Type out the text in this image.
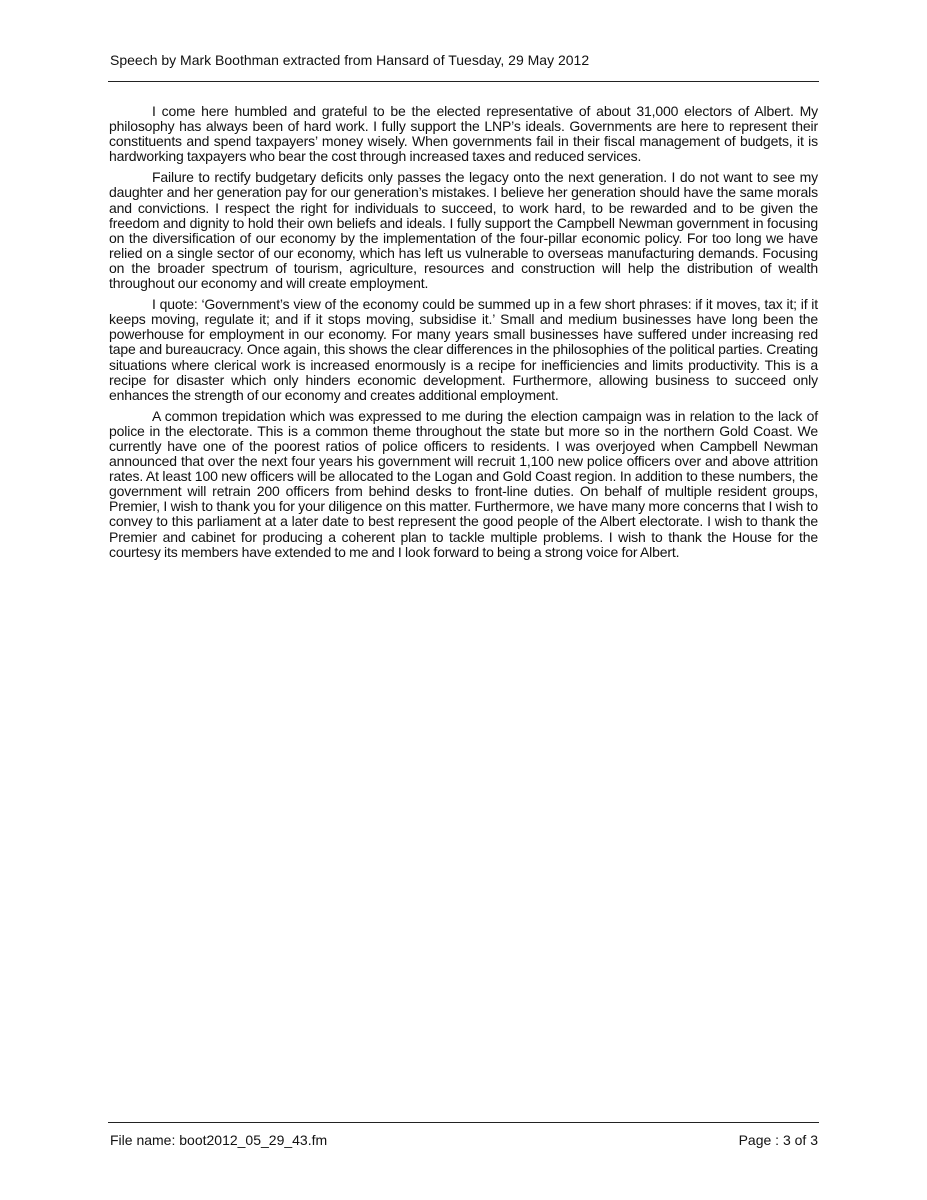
Speech by Mark Boothman extracted from Hansard of Tuesday, 29 May 2012

I come here humbled and grateful to be the elected representative of about 31,000 electors of Albert. My philosophy has always been of hard work. I fully support the LNP’s ideals. Governments are here to represent their constituents and spend taxpayers’ money wisely. When governments fail in their fiscal management of budgets, it is hardworking taxpayers who bear the cost through increased taxes and reduced services.

Failure to rectify budgetary deficits only passes the legacy onto the next generation. I do not want to see my daughter and her generation pay for our generation’s mistakes. I believe her generation should have the same morals and convictions. I respect the right for individuals to succeed, to work hard, to be rewarded and to be given the freedom and dignity to hold their own beliefs and ideals. I fully support the Campbell Newman government in focusing on the diversification of our economy by the implementation of the four-pillar economic policy. For too long we have relied on a single sector of our economy, which has left us vulnerable to overseas manufacturing demands. Focusing on the broader spectrum of tourism, agriculture, resources and construction will help the distribution of wealth throughout our economy and will create employment.

I quote: ‘Government’s view of the economy could be summed up in a few short phrases: if it moves, tax it; if it keeps moving, regulate it; and if it stops moving, subsidise it.’ Small and medium businesses have long been the powerhouse for employment in our economy. For many years small businesses have suffered under increasing red tape and bureaucracy. Once again, this shows the clear differences in the philosophies of the political parties. Creating situations where clerical work is increased enormously is a recipe for inefficiencies and limits productivity. This is a recipe for disaster which only hinders economic development. Furthermore, allowing business to succeed only enhances the strength of our economy and creates additional employment.

A common trepidation which was expressed to me during the election campaign was in relation to the lack of police in the electorate. This is a common theme throughout the state but more so in the northern Gold Coast. We currently have one of the poorest ratios of police officers to residents. I was overjoyed when Campbell Newman announced that over the next four years his government will recruit 1,100 new police officers over and above attrition rates. At least 100 new officers will be allocated to the Logan and Gold Coast region. In addition to these numbers, the government will retrain 200 officers from behind desks to front-line duties. On behalf of multiple resident groups, Premier, I wish to thank you for your diligence on this matter. Furthermore, we have many more concerns that I wish to convey to this parliament at a later date to best represent the good people of the Albert electorate. I wish to thank the Premier and cabinet for producing a coherent plan to tackle multiple problems. I wish to thank the House for the courtesy its members have extended to me and I look forward to being a strong voice for Albert.

File name: boot2012_05_29_43.fm	Page : 3 of 3
